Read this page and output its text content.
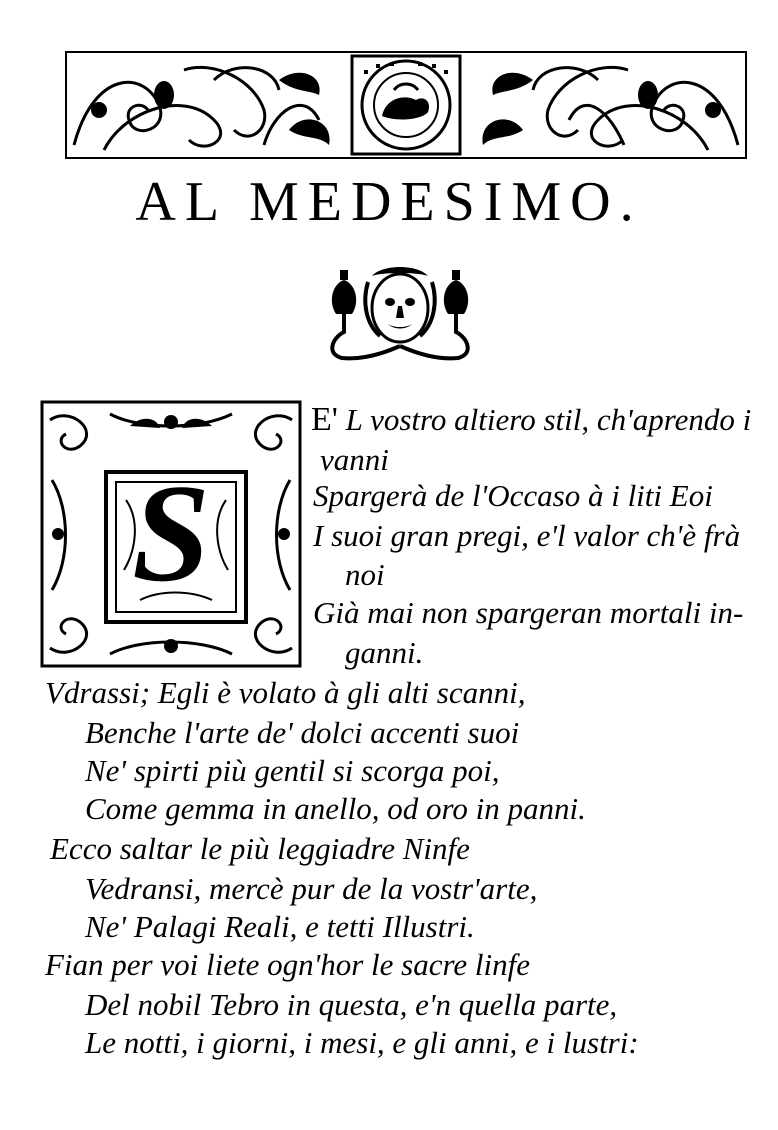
AL MEDESIMO.
S
E' L vostro altiero stil, ch'aprendo i
vanni
Spargerà de l'Occaso à i liti Eoi
I suoi gran pregi, e'l valor ch'è frà
noi
Già mai non spargeran mortali in-
ganni.
Vdrassi; Egli è volato à gli alti scanni,
Benche l'arte de' dolci accenti suoi
Ne' spirti più gentil si scorga poi,
Come gemma in anello, od oro in panni.
Ecco saltar le più leggiadre Ninfe
Vedransi, mercè pur de la vostr'arte,
Ne' Palagi Reali, e tetti Illustri.
Fian per voi liete ogn'hor le sacre linfe
Del nobil Tebro in questa, e'n quella parte,
Le notti, i giorni, i mesi, e gli anni, e i lustri:
